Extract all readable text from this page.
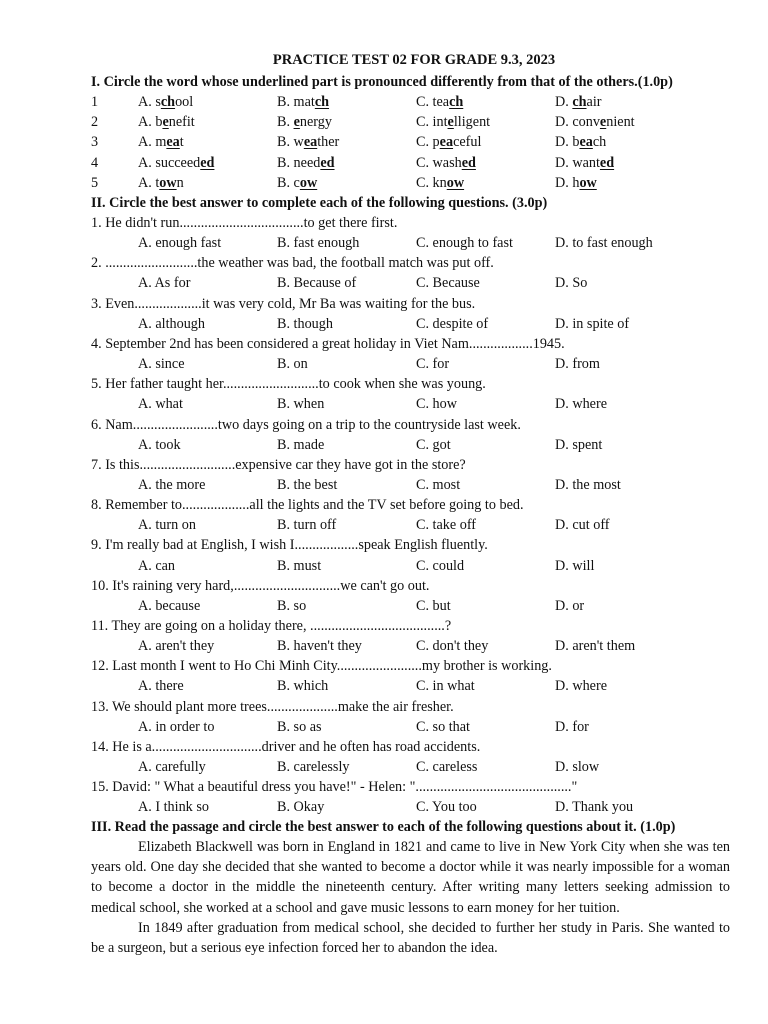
PRACTICE TEST 02 FOR GRADE 9.3, 2023
I. Circle the word whose underlined part is pronounced differently from that of the others.(1.0p)
1	A. school	B. match	C. teach	D. chair
2	A. benefit	B. energy	C. intelligent	D. convenient
3	A. meat	B. weather	C. peaceful	D. beach
4	A. succeeded	B. needed	C. washed	D. wanted
5	A. town	B. cow	C. know	D. how
II. Circle the best answer to complete each of the following questions. (3.0p)
1. He didn't run...................................to get there first.
A. enough fast	B. fast enough	C. enough to fast	D. to fast enough
2. ..........................the weather was bad, the football match was put off.
A. As for	B. Because of	C. Because	D. So
3. Even...................it was very cold, Mr Ba was waiting for the bus.
A. although	B. though	C. despite of	D. in spite of
4. September 2nd has been considered a great holiday in Viet Nam..................1945.
A. since	B. on	C. for	D. from
5. Her father taught her...........................to cook when she was young.
A. what	B. when	C. how	D. where
6. Nam........................two days going on a trip to the countryside last week.
A. took	B. made	C. got	D. spent
7. Is this...........................expensive car they have got in the store?
A. the more	B. the best	C. most	D. the most
8. Remember to...................all the lights and the TV set before going to bed.
A. turn on	B. turn off	C. take off	D. cut off
9. I'm really bad at English, I wish I..................speak English fluently.
A. can	B. must	C. could	D. will
10. It's raining very hard,..............................we can't go out.
A. because	B. so	C. but	D. or
11. They are going on a holiday there, ......................................?
A. aren't they	B. haven't they	C. don't they	D. aren't them
12. Last month I went to Ho Chi Minh City........................my brother is working.
A. there	B. which	C. in what	D. where
13. We should plant more trees....................make the air fresher.
A. in order to	B. so as	C. so that	D. for
14. He is a...............................driver and he often has road accidents.
A. carefully	B. carelessly	C. careless	D. slow
15. David: " What a beautiful dress you have!" - Helen: "............................................"
A. I think so	B. Okay	C. You too	D. Thank you
III. Read the passage and circle the best answer to each of the following questions about it. (1.0p)

Elizabeth Blackwell was born in England in 1821 and came to live in New York City when she was ten years old. One day she decided that she wanted to become a doctor while it was nearly impossible for a woman to become a doctor in the middle the nineteenth century. After writing many letters seeking admission to medical school, she worked at a school and gave music lessons to earn money for her tuition.

In 1849 after graduation from medical school, she decided to further her study in Paris. She wanted to be a surgeon, but a serious eye infection forced her to abandon the idea.
